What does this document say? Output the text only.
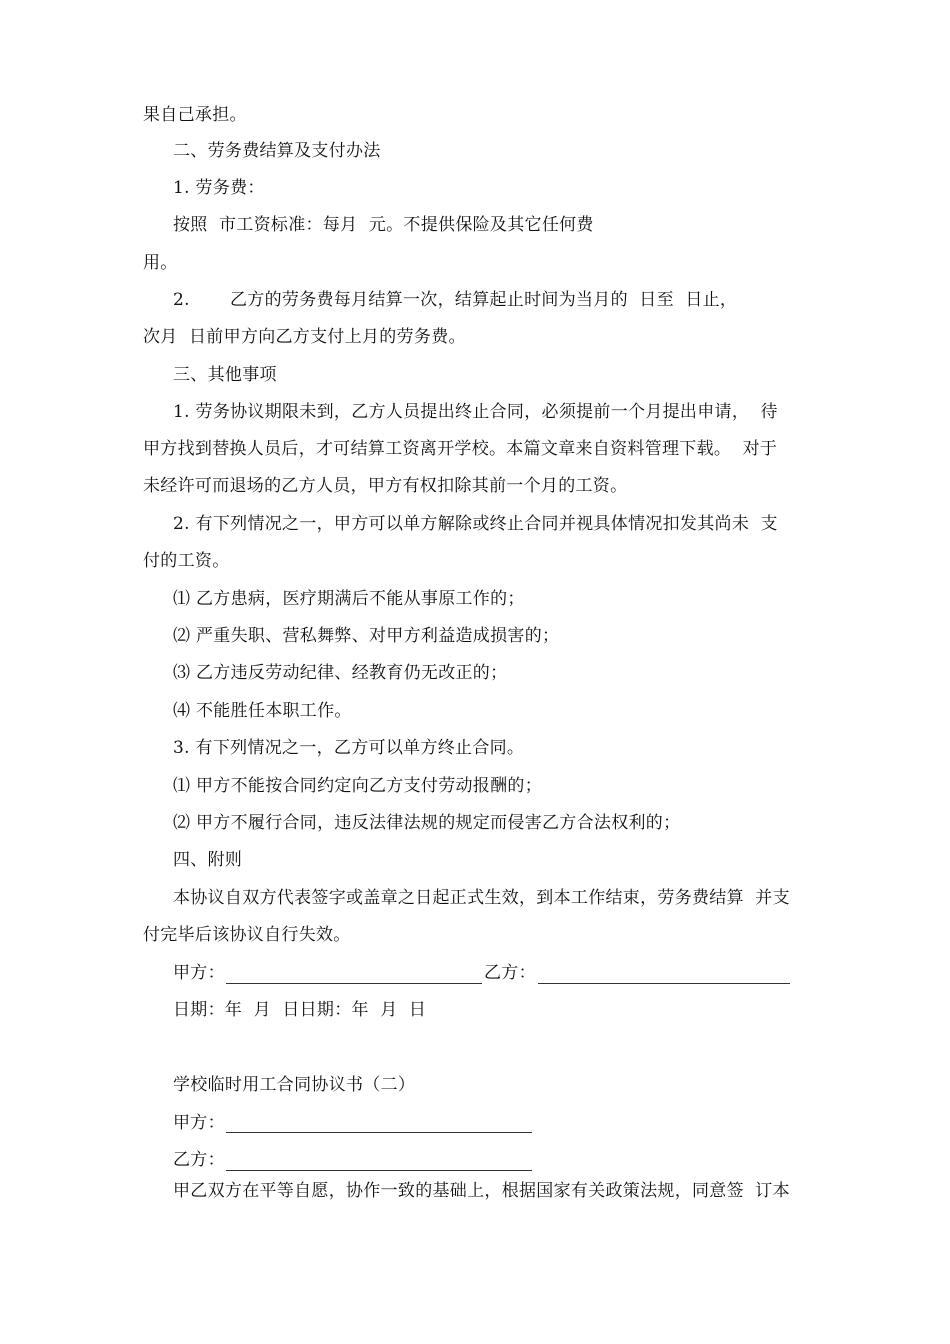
果自己承担。
二、劳务费结算及支付办法
1. 劳务费：
按照  市工资标准：每月  元。不提供保险及其它任何费
用。
2. 乙方的劳务费每月结算一次，结算起止时间为当月的  日至  日止，
次月  日前甲方向乙方支付上月的劳务费。
三、其他事项
1. 劳务协议期限未到，乙方人员提出终止合同，必须提前一个月提出申请，  待
甲方找到替换人员后，才可结算工资离开学校。本篇文章来自资料管理下载。  对于
未经许可而退场的乙方人员，甲方有权扣除其前一个月的工资。
2. 有下列情况之一，甲方可以单方解除或终止合同并视具体情况扣发其尚未  支
付的工资。
⑴ 乙方患病，医疗期满后不能从事原工作的；
⑵ 严重失职、营私舞弊、对甲方利益造成损害的；
⑶ 乙方违反劳动纪律、经教育仍无改正的；
⑷ 不能胜任本职工作。
3. 有下列情况之一，乙方可以单方终止合同。
⑴ 甲方不能按合同约定向乙方支付劳动报酬的；
⑵ 甲方不履行合同，违反法律法规的规定而侵害乙方合法权利的；
四、附则
本协议自双方代表签字或盖章之日起正式生效，到本工作结束，劳务费结算  并支
付完毕后该协议自行失效。
甲方：	乙方：
日期：年  月  日日期：年  月  日
学校临时用工合同协议书（二）
甲方：
乙方：
甲乙双方在平等自愿，协作一致的基础上，根据国家有关政策法规，同意签  订本
